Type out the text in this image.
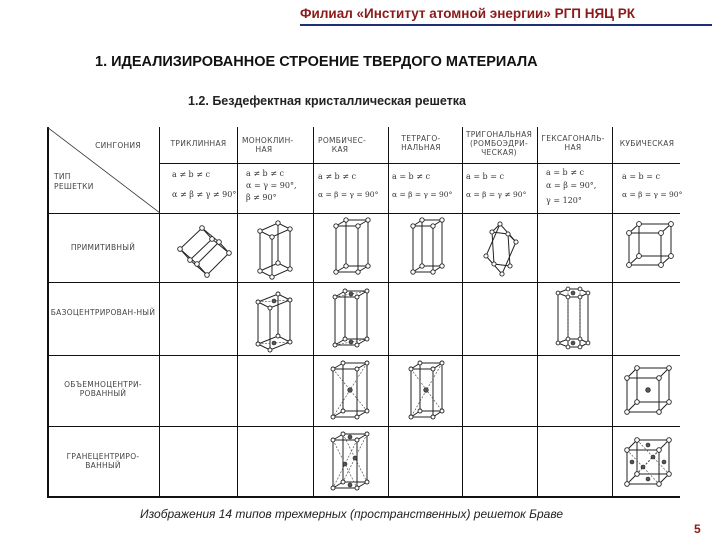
Филиал «Институт атомной энергии» РГП НЯЦ РК
1. ИДЕАЛИЗИРОВАННОЕ СТРОЕНИЕ ТВЕРДОГО МАТЕРИАЛА
1.2. Бездефектная кристаллическая решетка
СИНГОНИЯ
ТИП
РЕШЕТКИ
ТРИКЛИННАЯ	МОНОКЛИН-НАЯ
РОМБИЧЕС-КАЯ
ТЕТРАГО-НАЛЬНАЯ
ТРИГОНАЛЬНАЯ (РОМБОЭДРИ-ЧЕСКАЯ)
ГЕКСАГОНАЛЬ-НАЯ	КУБИЧЕСКАЯ
a ≠ b ≠ c
α ≠ β ≠ γ ≠ 90°
a ≠ b ≠ c
α = γ = 90°,
β ≠ 90°
a ≠ b ≠ c
α = β = γ = 90°
a = b ≠ c
α = β = γ = 90°
a = b = c
α = β = γ ≠ 90°
a = b ≠ c
α = β = 90°,
γ = 120°
a = b = c
α = β = γ = 90°
ПРИМИТИВНЫЙ
БАЗОЦЕНТРИРОВАН-НЫЙ
ОБЪЕМНОЦЕНТРИ-РОВАННЫЙ
ГРАНЕЦЕНТРИРО-ВАННЫЙ
Изображения 14 типов трехмерных (пространственных) решеток Браве
5
